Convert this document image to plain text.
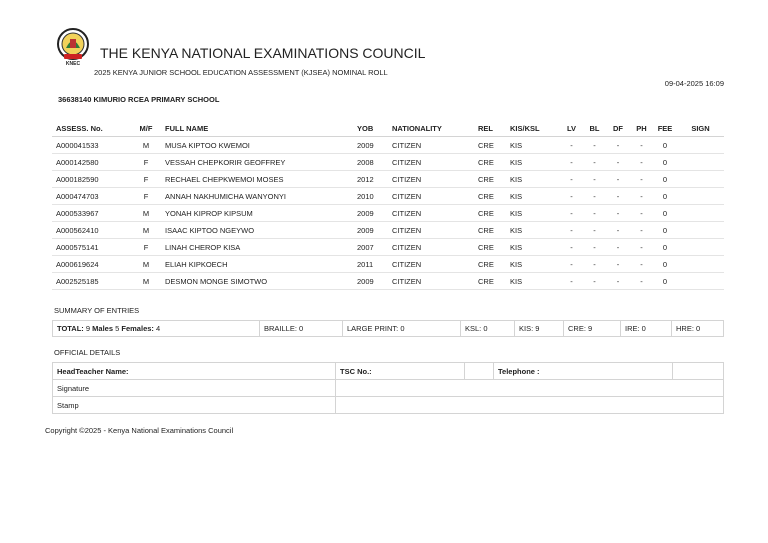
KNEC
THE KENYA NATIONAL EXAMINATIONS COUNCIL
2025 KENYA JUNIOR SCHOOL EDUCATION ASSESSMENT (KJSEA) NOMINAL ROLL
09-04-2025 16:09
36638140 KIMURIO RCEA PRIMARY SCHOOL
ASSESS. No.	M/F	FULL NAME	YOB	NATIONALITY	REL	KIS/KSL	LV	BL	DF	PH	FEE	SIGN
A000041533	M	MUSA KIPTOO KWEMOI	2009	CITIZEN	CRE	KIS	-	-	-	-	0	
A000142580	F	VESSAH CHEPKORIR GEOFFREY	2008	CITIZEN	CRE	KIS	-	-	-	-	0	
A000182590	F	RECHAEL CHEPKWEMOI MOSES	2012	CITIZEN	CRE	KIS	-	-	-	-	0	
A000474703	F	ANNAH NAKHUMICHA WANYONYI	2010	CITIZEN	CRE	KIS	-	-	-	-	0	
A000533967	M	YONAH KIPROP KIPSUM	2009	CITIZEN	CRE	KIS	-	-	-	-	0	
A000562410	M	ISAAC KIPTOO NGEYWO	2009	CITIZEN	CRE	KIS	-	-	-	-	0	
A000575141	F	LINAH CHEROP KISA	2007	CITIZEN	CRE	KIS	-	-	-	-	0	
A000619624	M	ELIAH KIPKOECH	2011	CITIZEN	CRE	KIS	-	-	-	-	0	
A002525185	M	DESMON MONGE SIMOTWO	2009	CITIZEN	CRE	KIS	-	-	-	-	0	
SUMMARY OF ENTRIES
TOTAL: 9 Males 5 Females: 4	BRAILLE: 0	LARGE PRINT: 0	KSL: 0	KIS: 9	CRE: 9	IRE: 0	HRE: 0
OFFICIAL DETAILS
HeadTeacher Name:	TSC No.:		Telephone :	
Signature				
Stamp				
Copyright ©2025 - Kenya National Examinations Council
